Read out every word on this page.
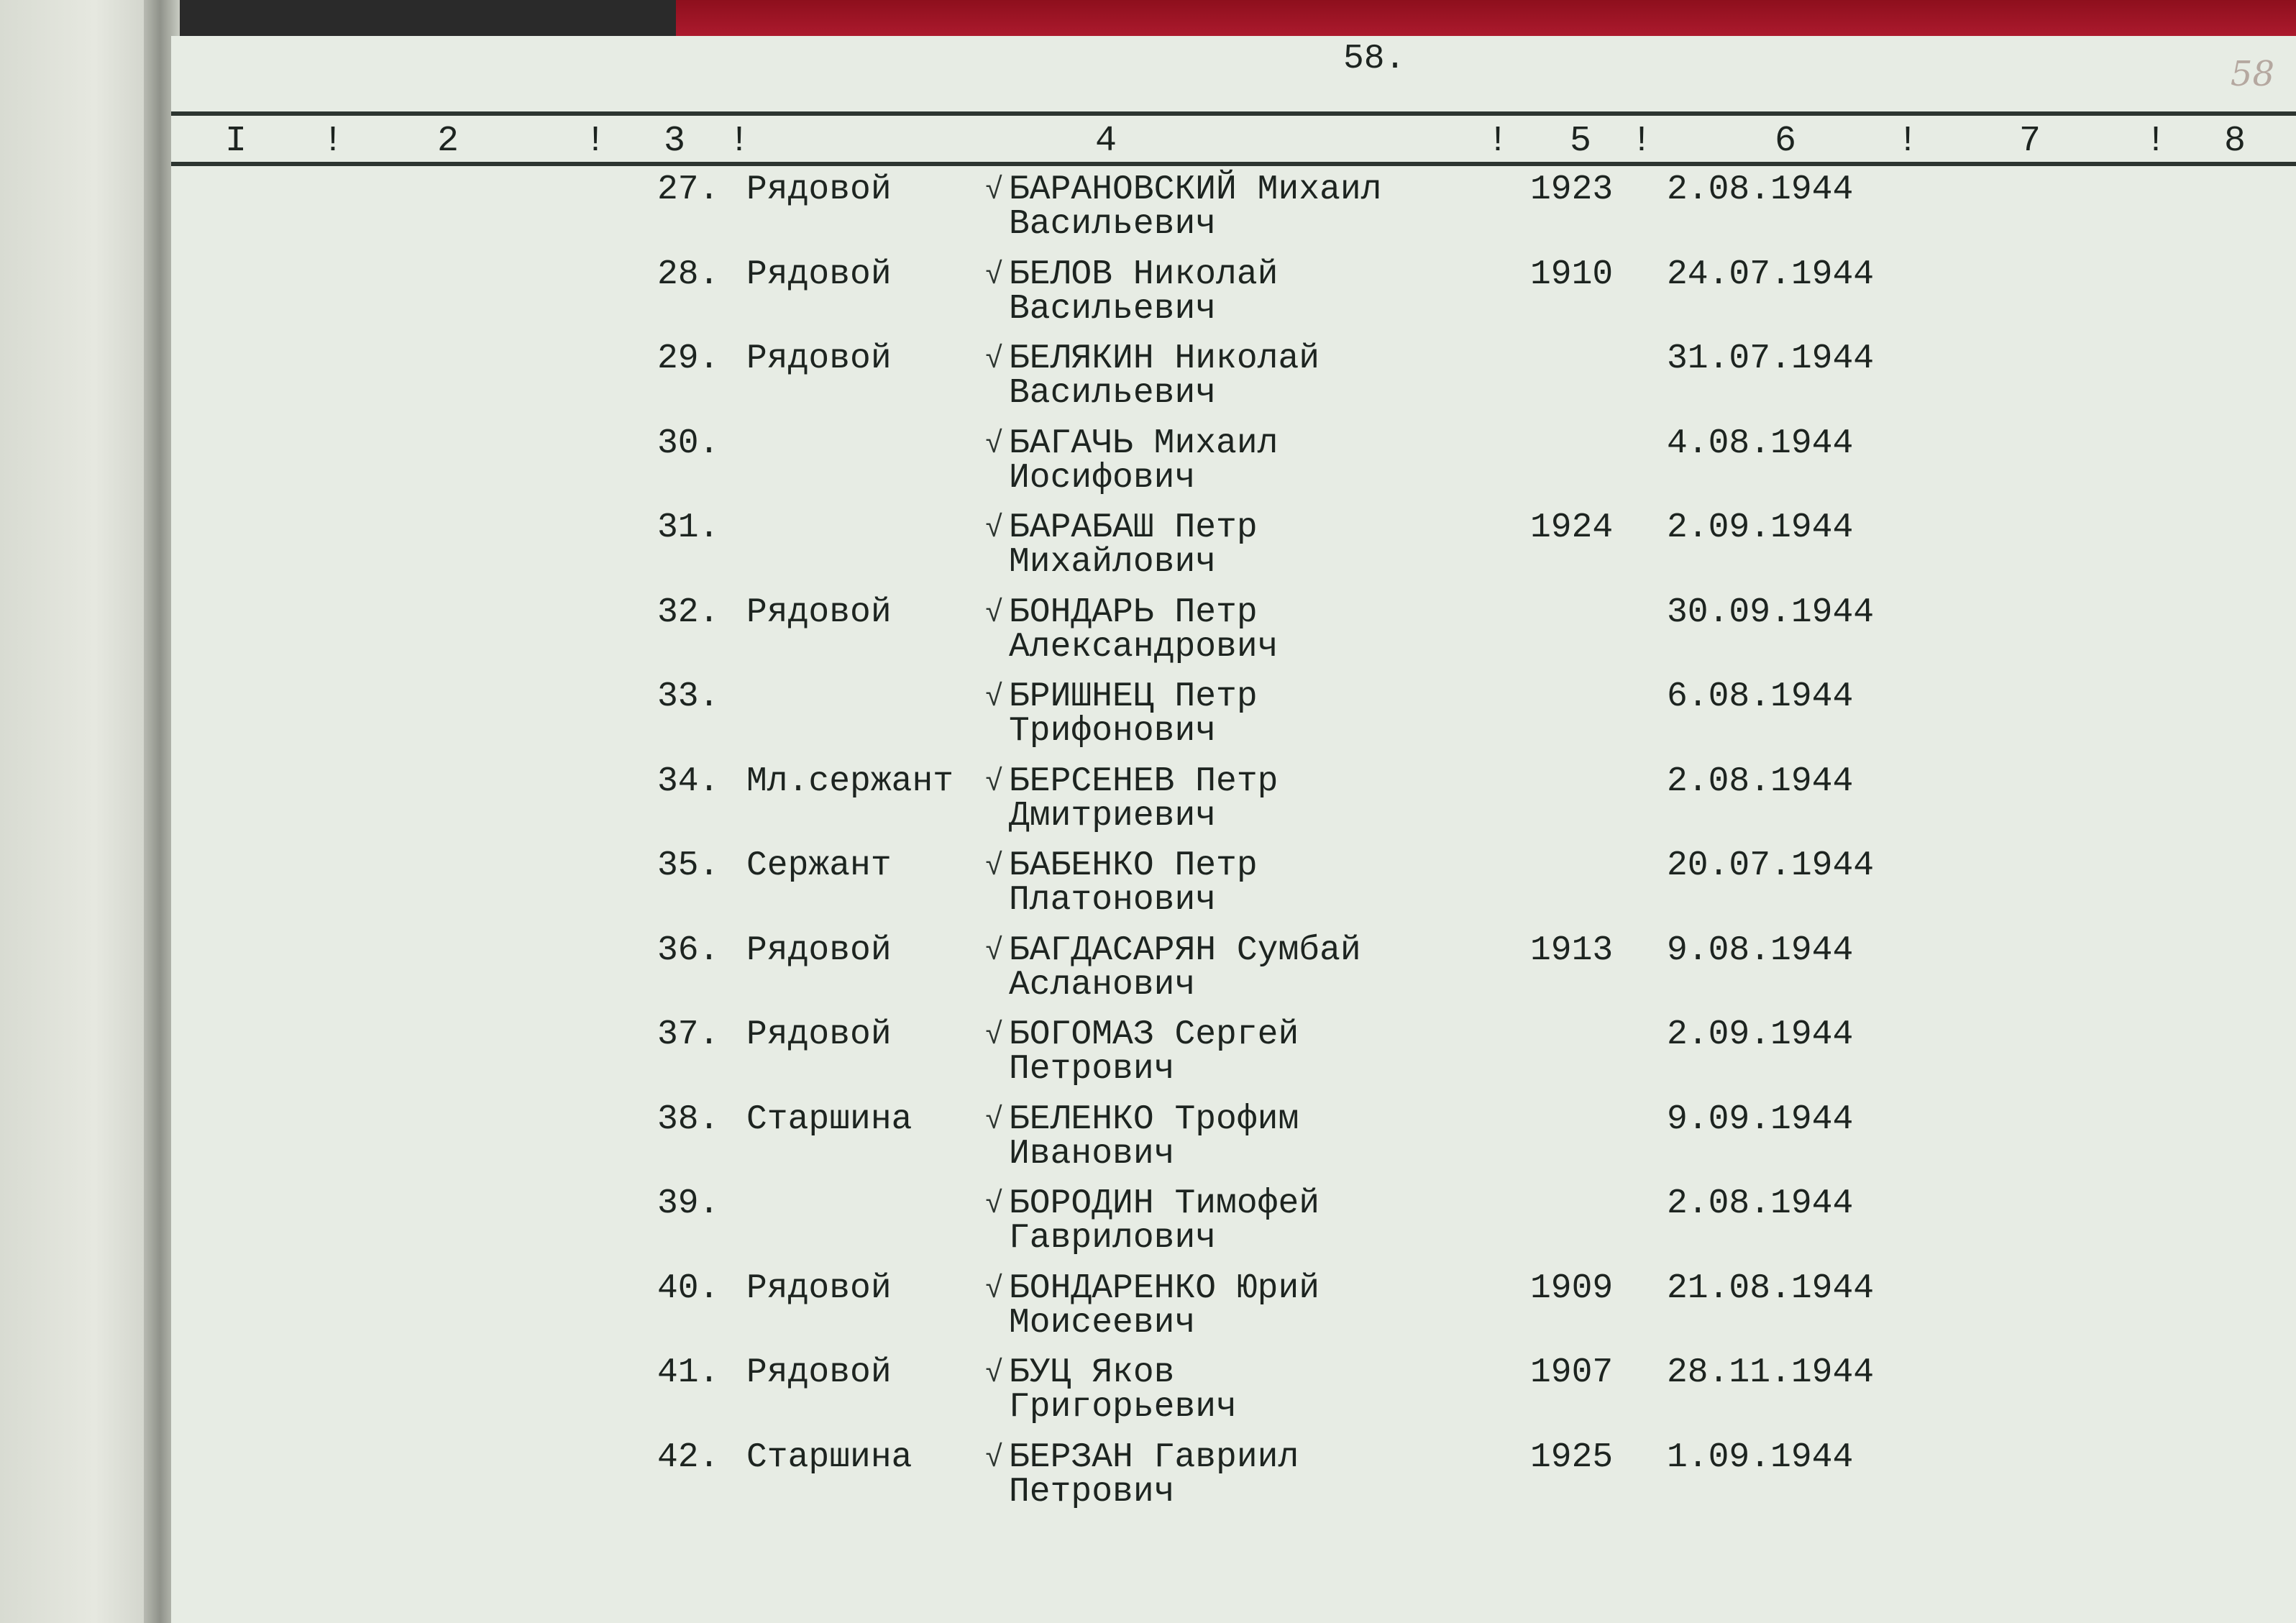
58.	58
I !	2	! 3 !	4	! 5 !	6	!	7	! 8
27. Рядовой	√ БАРАНОВСКИЙ Михаил
Васильевич
1923 2.08.1944
28. Рядовой	√ БЕЛОВ Николай
Васильевич
1910 24.07.1944
29. Рядовой	√ БЕЛЯКИН Николай
Васильевич
31.07.1944
30.	√ БАГАЧЬ Михаил
Иосифович
4.08.1944
31.	√ БАРАБАШ Петр
Михайлович
1924 2.09.1944
32. Рядовой	√ БОНДАРЬ Петр
Александрович
30.09.1944
33.	√ БРИШНЕЦ Петр
Трифонович
6.08.1944
34. Мл.сержант √ БЕРСЕНЕВ Петр
Дмитриевич
2.08.1944
35. Сержант	√ БАБЕНКО Петр
Платонович
20.07.1944
36. Рядовой	√ БАГДАСАРЯН Сумбай
Асланович
1913 9.08.1944
37. Рядовой	√ БОГОМАЗ Сергей
Петрович
2.09.1944
38. Старшина √ БЕЛЕНКО Трофим
Иванович
9.09.1944
39.	√ БОРОДИН Тимофей
Гаврилович
2.08.1944
40. Рядовой	√ БОНДАРЕНКО Юрий
Моисеевич
1909 21.08.1944
41. Рядовой	√ БУЦ Яков
Григорьевич
1907 28.11.1944
42. Старшина √ БЕРЗАН Гавриил
Петрович
1925 1.09.1944
